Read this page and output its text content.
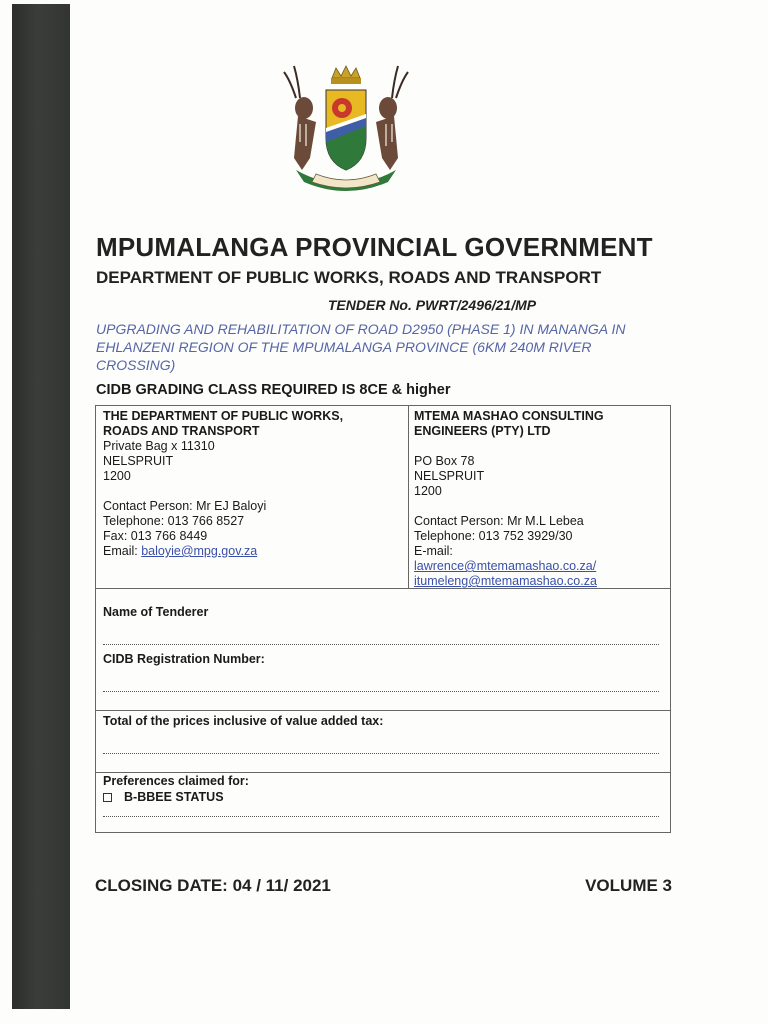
MPUMALANGA PROVINCIAL GOVERNMENT
DEPARTMENT OF PUBLIC WORKS, ROADS AND TRANSPORT
TENDER No. PWRT/2496/21/MP
UPGRADING AND REHABILITATION OF ROAD D2950 (PHASE 1) IN MANANGA IN
EHLANZENI REGION OF THE MPUMALANGA PROVINCE (6KM 240M RIVER
CROSSING)
CIDB GRADING CLASS REQUIRED IS 8CE & higher
THE DEPARTMENT OF PUBLIC WORKS,
ROADS AND TRANSPORT
Private Bag x 11310
NELSPRUIT
1200
Contact Person: Mr EJ Baloyi
Telephone: 013 766 8527
Fax: 013 766 8449
Email: baloyie@mpg.gov.za
MTEMA MASHAO CONSULTING
ENGINEERS (PTY) LTD
PO Box 78
NELSPRUIT
1200
Contact Person: Mr M.L Lebea
Telephone: 013 752 3929/30
E-mail:
lawrence@mtemamashao.co.za/
itumeleng@mtemamashao.co.za
Name of Tenderer
CIDB Registration Number:
Total of the prices inclusive of value added tax:
Preferences claimed for:
B-BBEE STATUS
CLOSING DATE: 04 / 11/ 2021	VOLUME 3
